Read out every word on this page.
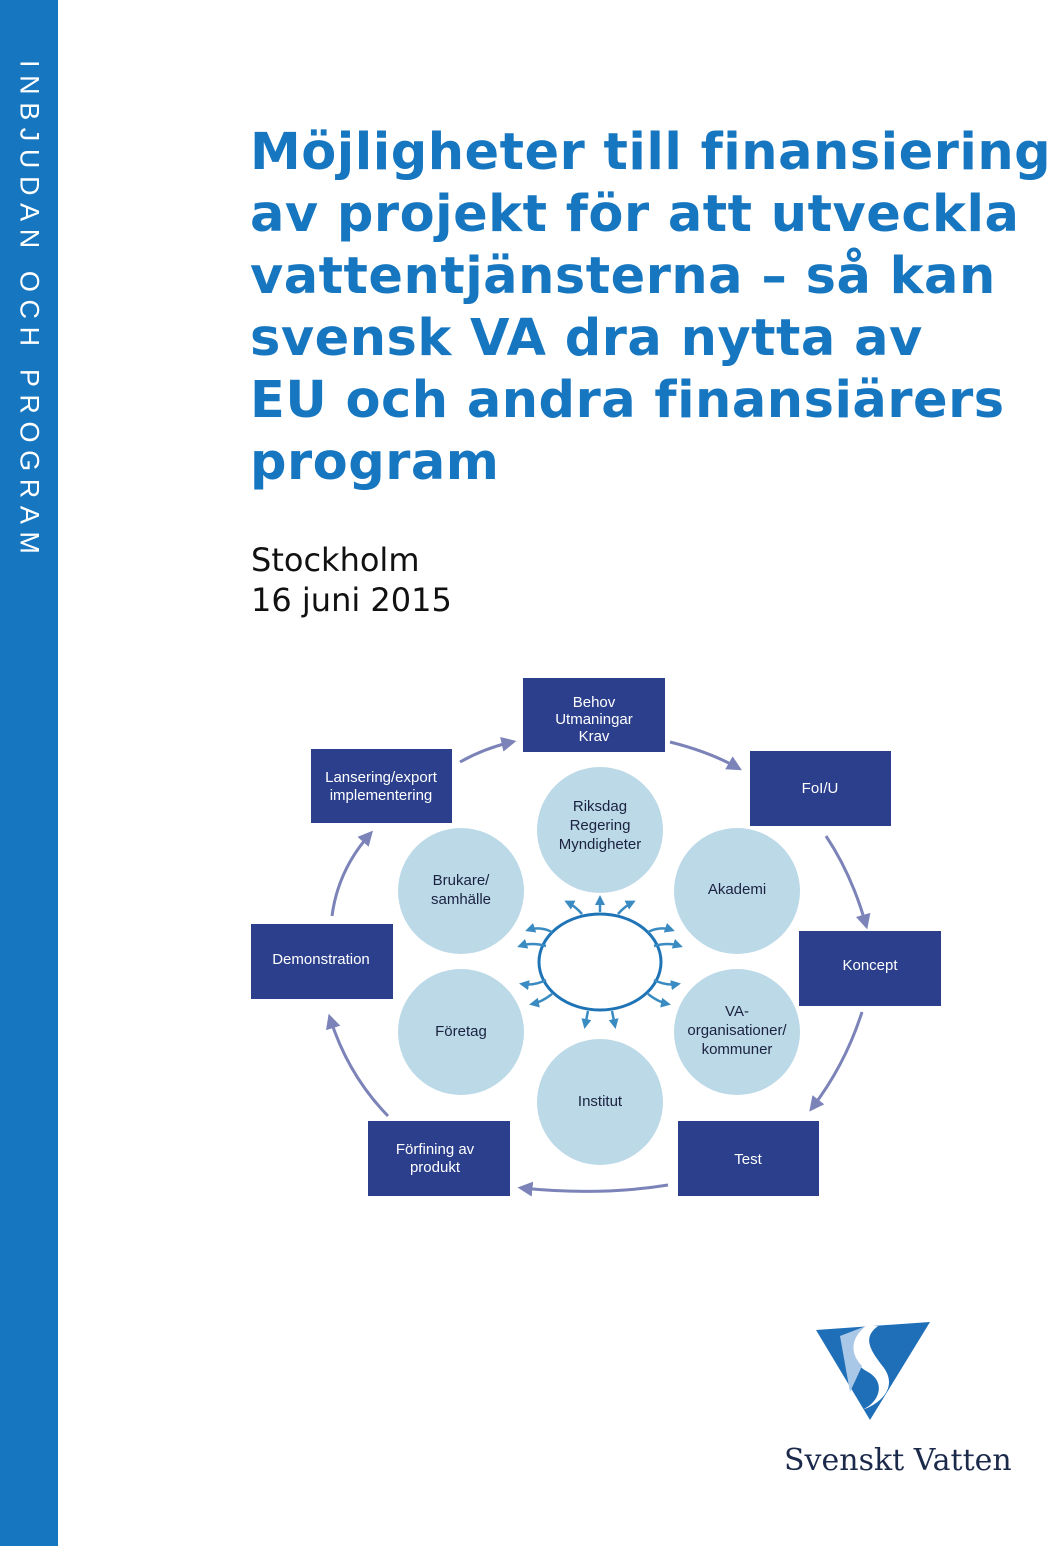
INBJUDAN OCH PROGRAM	Möjligheter till finansiering
av projekt för att utveckla
vattentjänsterna – så kan
svensk VA dra nytta av
EU och andra finansiärers
program
Stockholm
16 juni 2015
Behov
Utmaningar
Krav
FoI/U
Koncept
Test
Förfining av
produkt
Demonstration
Lansering/export
implementering
Riksdag
Regering
Myndigheter
Akademi
VA-
organisationer/
kommuner
Institut
Företag
Brukare/
samhälle
Svenskt Vatten
